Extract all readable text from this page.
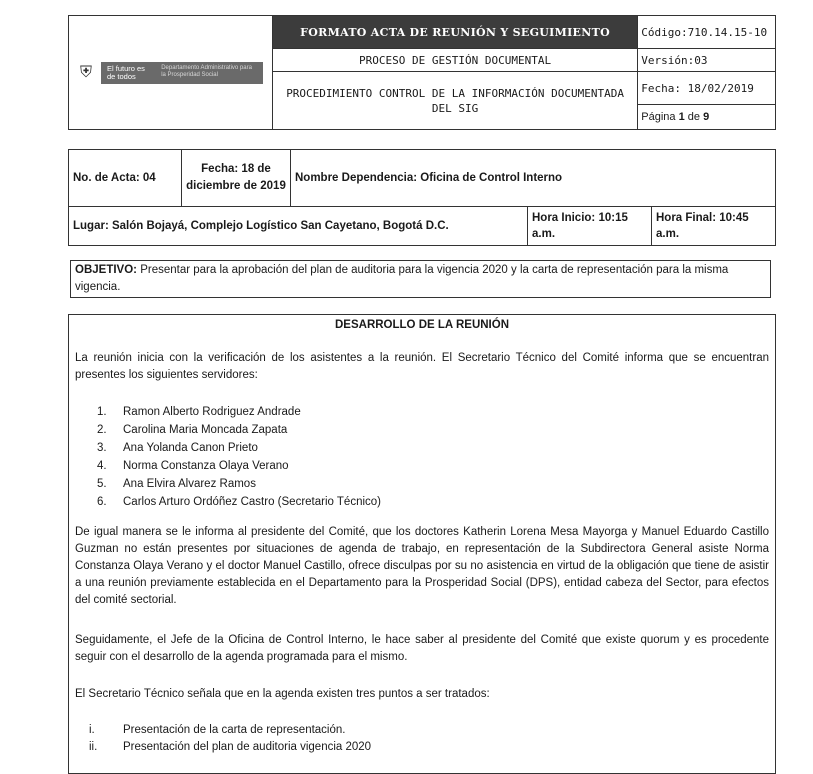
⛨ El futuro es de todos
Departamento Administrativo para la Prosperidad Social	FORMATO ACTA DE REUNIÓN Y SEGUIMIENTO	Código:710.14.15-10
	PROCESO DE GESTIÓN DOCUMENTAL	Versión:03
	PROCEDIMIENTO CONTROL DE LA INFORMACIÓN DOCUMENTADA DEL SIG	Fecha: 18/02/2019
		Página 1 de 9
No. de Acta: 04	Fecha: 18 de diciembre de 2019	Nombre Dependencia: Oficina de Control Interno		
Lugar: Salón Bojayá, Complejo Logístico San Cayetano, Bogotá D.C.			Hora Inicio: 10:15 a.m.	Hora Final: 10:45 a.m.
OBJETIVO: Presentar para la aprobación del plan de auditoria para la vigencia 2020 y la carta de representación para la misma vigencia.
DESARROLLO DE LA REUNIÓN
La reunión inicia con la verificación de los asistentes a la reunión. El Secretario Técnico del Comité informa que se encuentran presentes los siguientes servidores:
1. Ramon Alberto Rodriguez Andrade
2. Carolina Maria Moncada Zapata
3. Ana Yolanda Canon Prieto
4. Norma Constanza Olaya Verano
5. Ana Elvira Alvarez Ramos
6. Carlos Arturo Ordóñez Castro (Secretario Técnico)
De igual manera se le informa al presidente del Comité, que los doctores Katherin Lorena Mesa Mayorga y Manuel Eduardo Castillo Guzman no están presentes por situaciones de agenda de trabajo, en representación de la Subdirectora General asiste Norma Constanza Olaya Verano y el doctor Manuel Castillo, ofrece disculpas por su no asistencia en virtud de la obligación que tiene de asistir a una reunión previamente establecida en el Departamento para la Prosperidad Social (DPS), entidad cabeza del Sector, para efectos del comité sectorial.
Seguidamente, el Jefe de la Oficina de Control Interno, le hace saber al presidente del Comité que existe quorum y es procedente seguir con el desarrollo de la agenda programada para el mismo.
El Secretario Técnico señala que en la agenda existen tres puntos a ser tratados:
i. Presentación de la carta de representación.
ii. Presentación del plan de auditoria vigencia 2020
